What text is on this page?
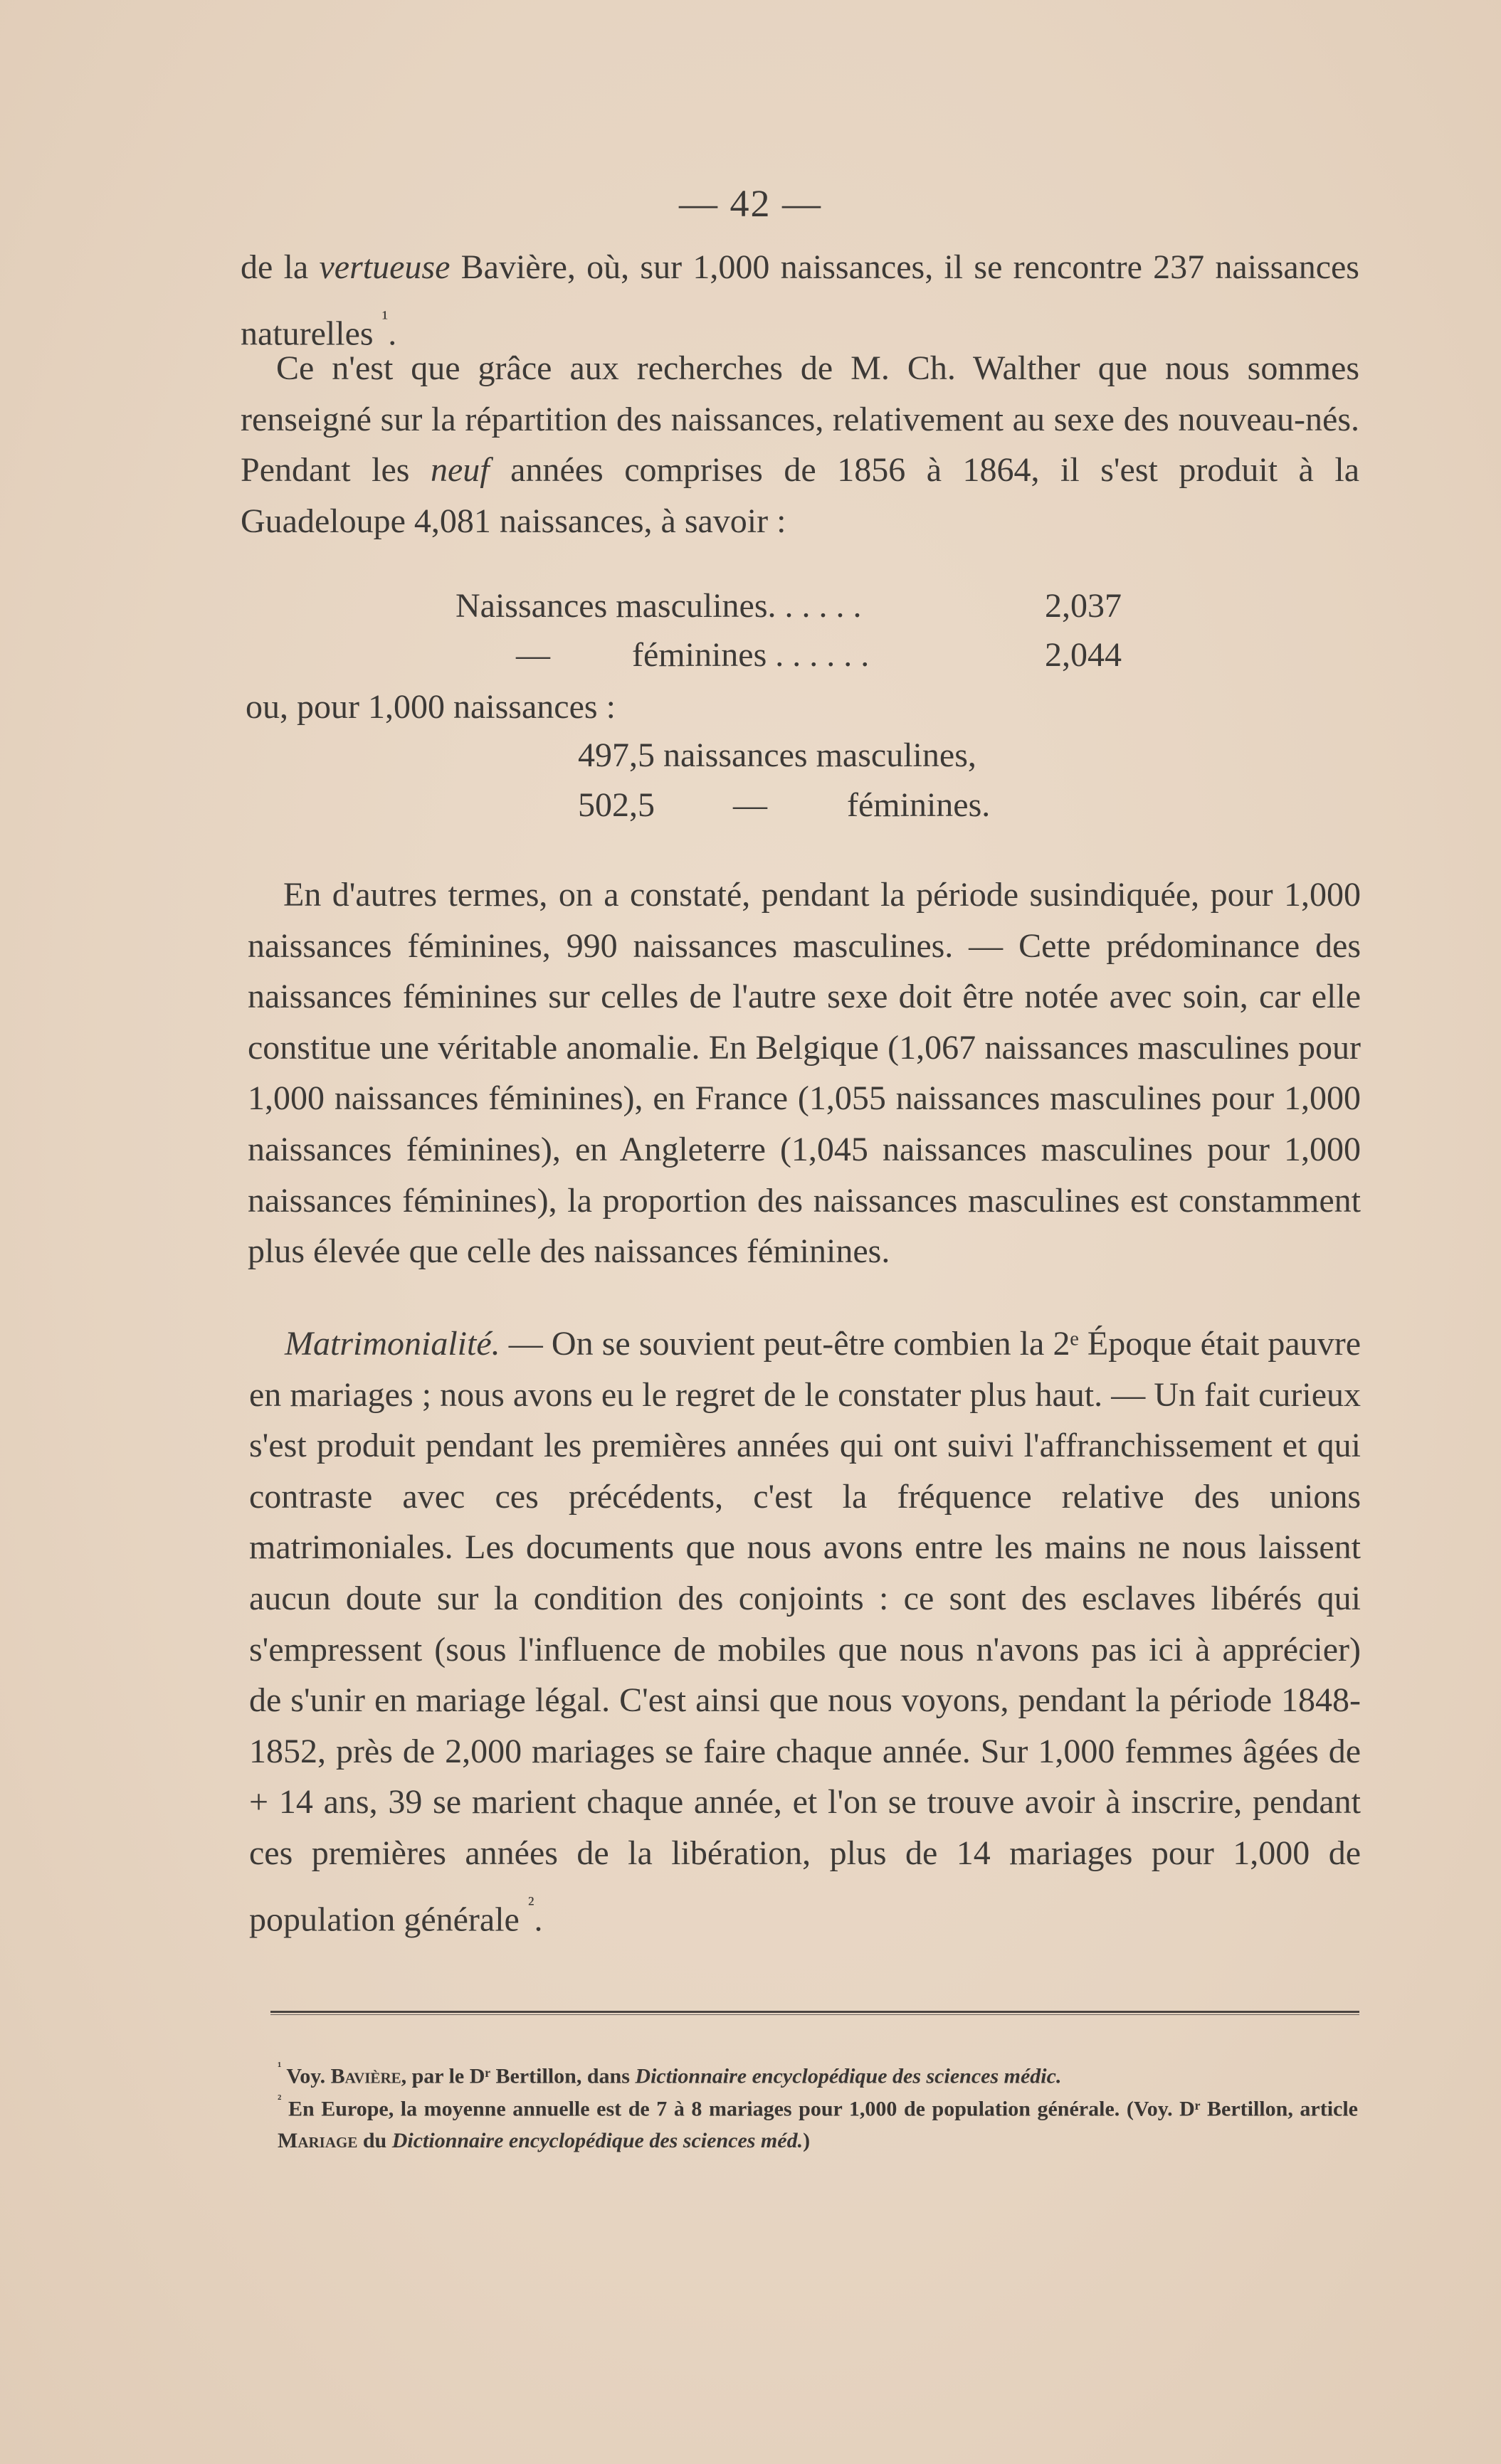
— 42 —
de la vertueuse Bavière, où, sur 1,000 naissances, il se rencontre 237 naissances naturelles $^{^1}$.
Ce n'est que grâce aux recherches de M. Ch. Walther que nous sommes renseigné sur la répartition des naissances, relativement au sexe des nouveau-nés. Pendant les neuf années comprises de 1856 à 1864, il s'est produit à la Guadeloupe 4,081 naissances, à savoir :
Naissances masculines. . . . . .	2,037
— féminines . . . . . .	2,044
ou, pour 1,000 naissances :
497,5 naissances masculines,
502,5 — féminines.
En d'autres termes, on a constaté, pendant la période susindiquée, pour 1,000 naissances féminines, 990 naissances masculines. — Cette prédominance des naissances féminines sur celles de l'autre sexe doit être notée avec soin, car elle constitue une véritable anomalie. En Belgique (1,067 naissances masculines pour 1,000 naissances féminines), en France (1,055 naissances masculines pour 1,000 naissances féminines), en Angleterre (1,045 naissances masculines pour 1,000 naissances féminines), la proportion des naissances masculines est constamment plus élevée que celle des naissances féminines.
Matrimonialité. — On se souvient peut-être combien la 2ᵉ Époque était pauvre en mariages ; nous avons eu le regret de le constater plus haut. — Un fait curieux s'est produit pendant les premières années qui ont suivi l'affranchissement et qui contraste avec ces précédents, c'est la fréquence relative des unions matrimoniales. Les documents que nous avons entre les mains ne nous laissent aucun doute sur la condition des conjoints : ce sont des esclaves libérés qui s'empressent (sous l'influence de mobiles que nous n'avons pas ici à apprécier) de s'unir en mariage légal. C'est ainsi que nous voyons, pendant la période 1848-1852, près de 2,000 mariages se faire chaque année. Sur 1,000 femmes âgées de + 14 ans, 39 se marient chaque année, et l'on se trouve avoir à inscrire, pendant ces premières années de la libération, plus de 14 mariages pour 1,000 de population générale $^{^2}$.
$^{^1}$ Voy. Bavière, par le Dʳ Bertillon, dans Dictionnaire encyclopédique des sciences médic.
$^{^2}$ En Europe, la moyenne annuelle est de 7 à 8 mariages pour 1,000 de population générale. (Voy. Dʳ Bertillon, article Mariage du Dictionnaire encyclopédique des sciences méd.)
